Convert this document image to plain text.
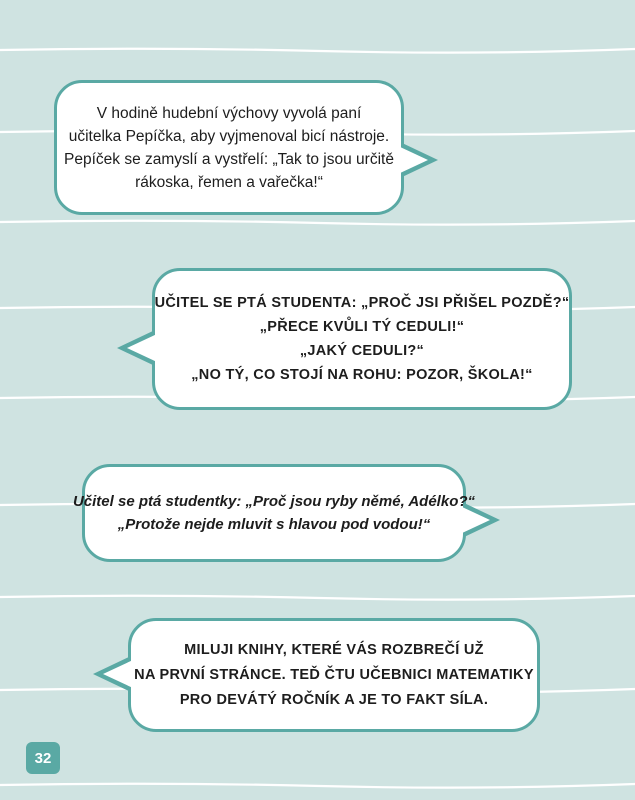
V hodině hudební výchovy vyvolá paní
učitelka Pepíčka, aby vyjmenoval bicí nástroje.
Pepíček se zamyslí a vystřelí: „Tak to jsou určitě
rákoska, řemen a vařečka!“
UČITEL SE PTÁ STUDENTA: „PROČ JSI PŘIŠEL POZDĚ?“
„PŘECE KVŮLI TÝ CEDULI!“
„JAKÝ CEDULI?“
„NO TÝ, CO STOJÍ NA ROHU: POZOR, ŠKOLA!“
Učitel se ptá studentky: „Proč jsou ryby němé, Adélko?“
„Protože nejde mluvit s hlavou pod vodou!“
MILUJI KNIHY, KTERÉ VÁS ROZBREČÍ UŽ
NA PRVNÍ STRÁNCE. TEĎ ČTU UČEBNICI MATEMATIKY
PRO DEVÁTÝ ROČNÍK A JE TO FAKT SÍLA.
32
